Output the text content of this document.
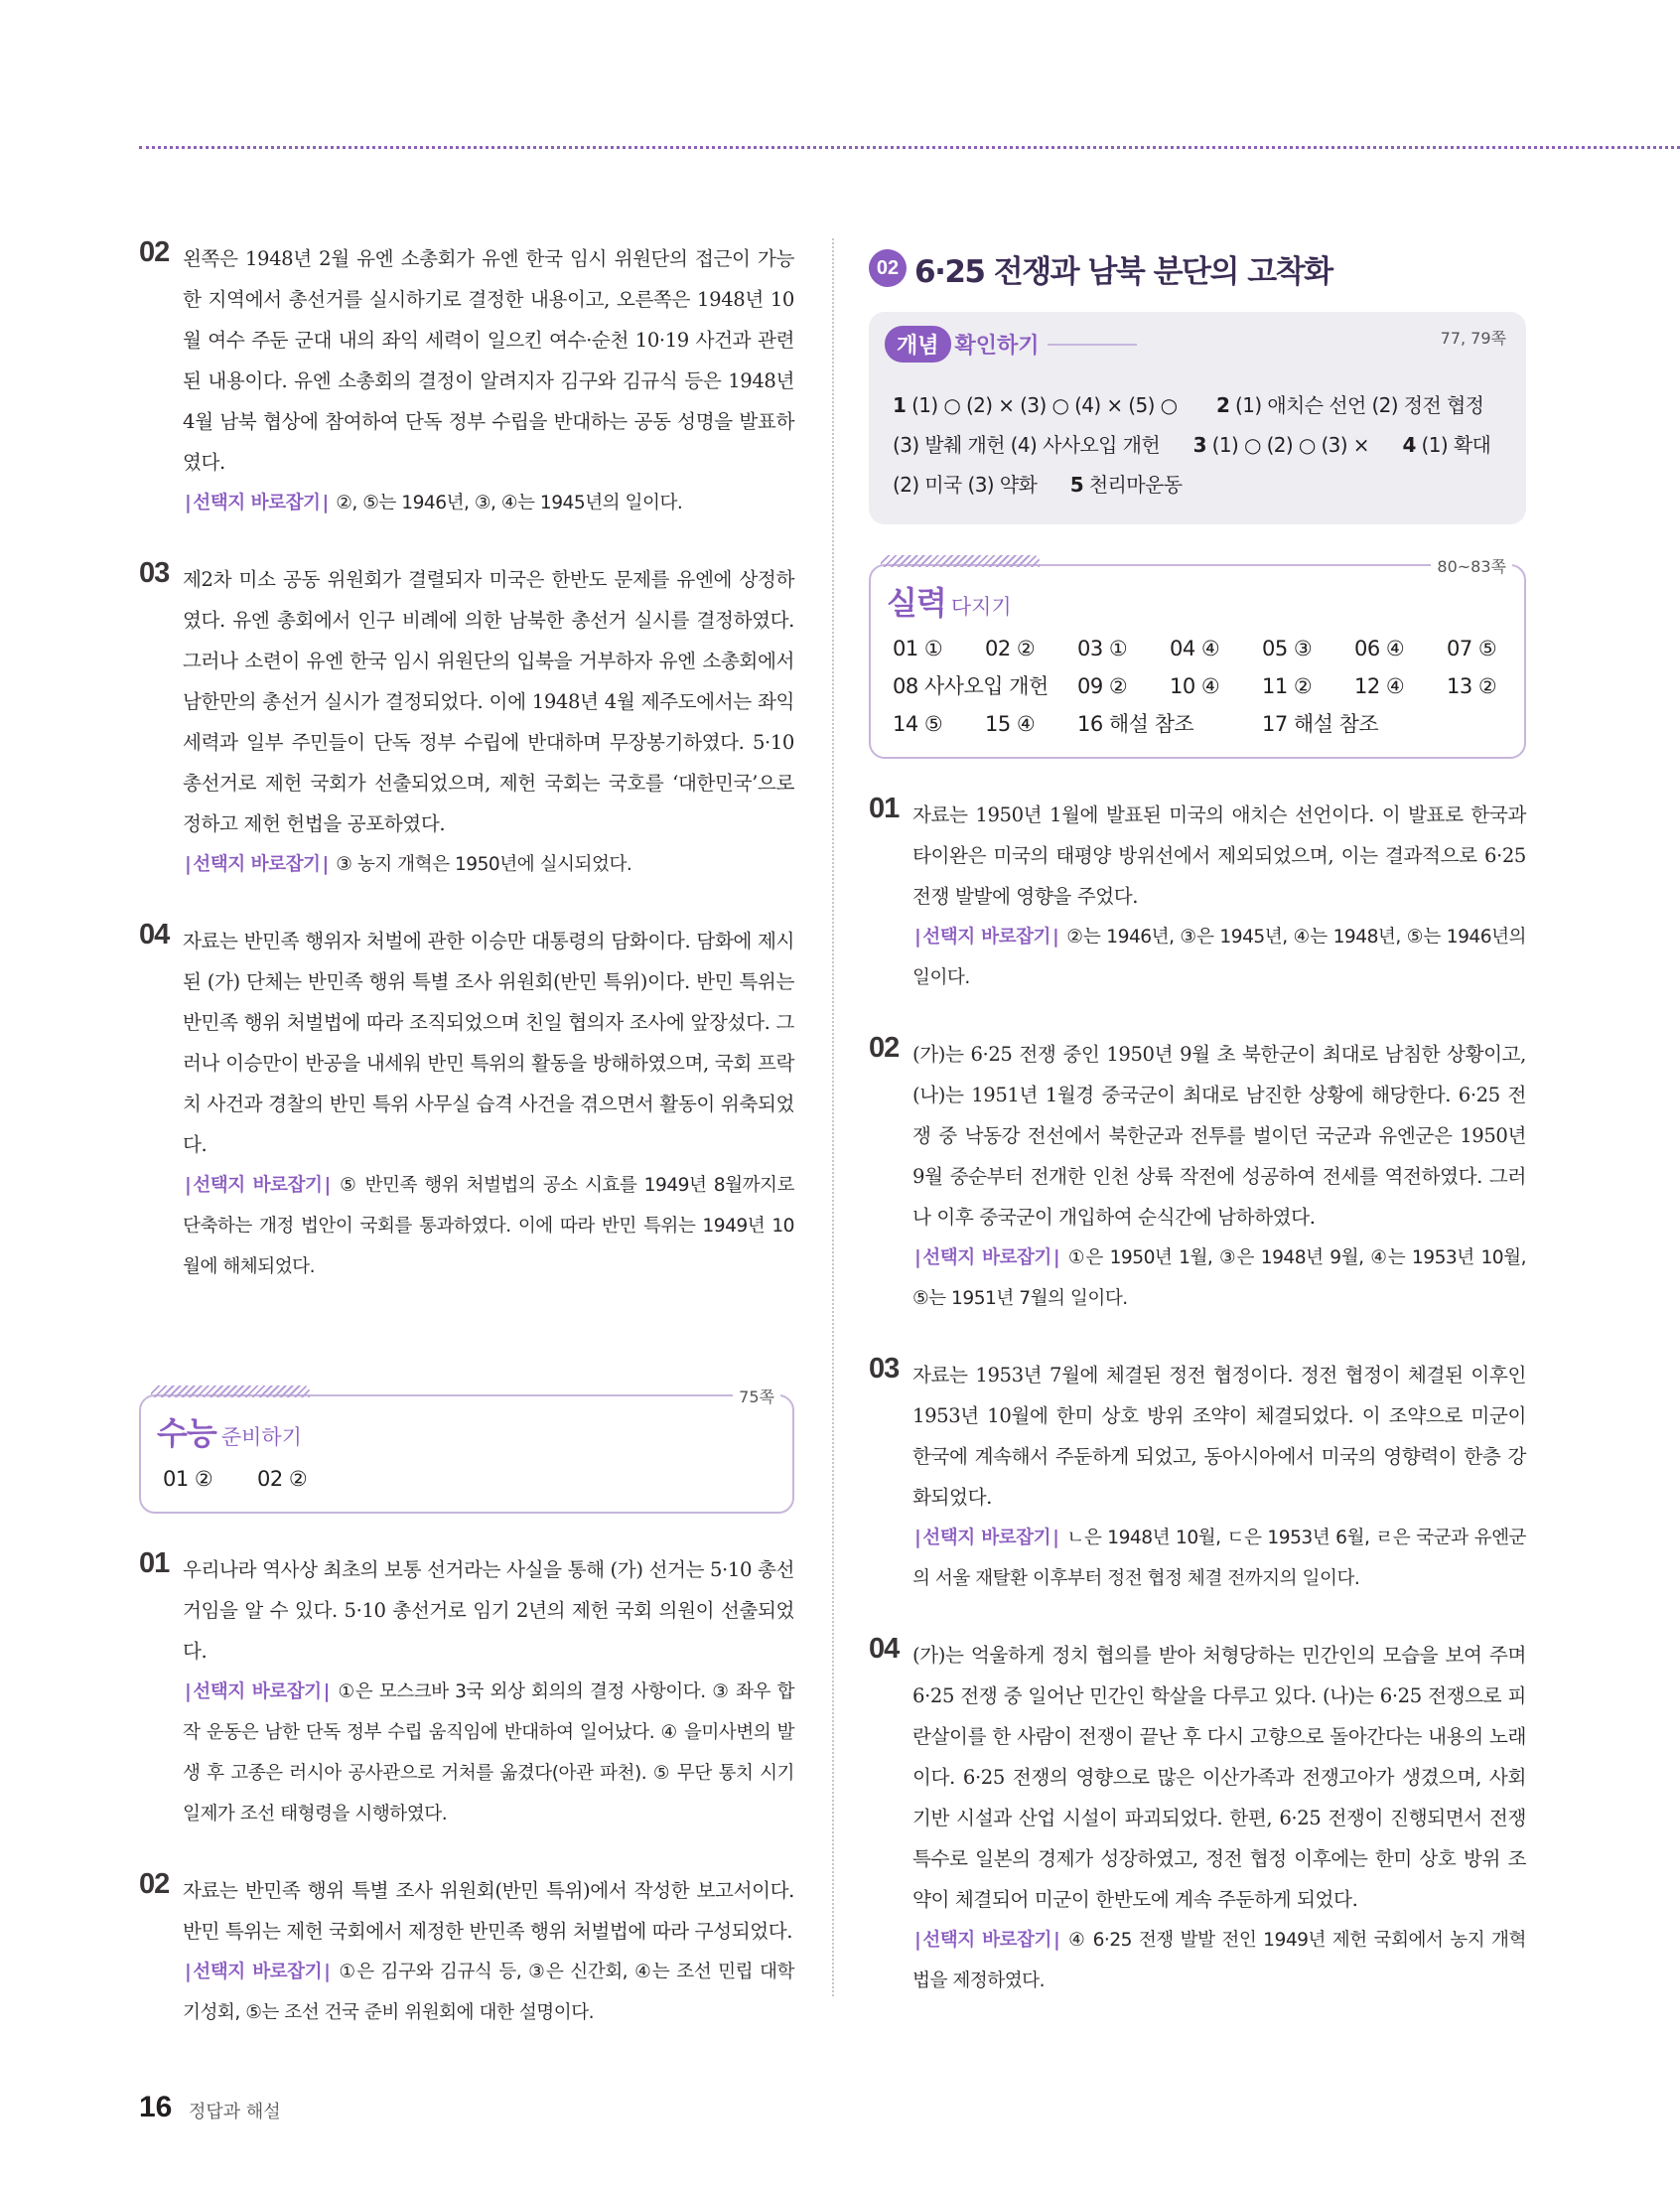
02 왼쪽은 1948년 2월 유엔 소총회가 유엔 한국 임시 위원단의 접근이 가능한 지역에서 총선거를 실시하기로 결정한 내용이고, 오른쪽은 1948년 10월 여수 주둔 군대 내의 좌익 세력이 일으킨 여수·순천 10·19 사건과 관련된 내용이다. 유엔 소총회의 결정이 알려지자 김구와 김규식 등은 1948년 4월 남북 협상에 참여하여 단독 정부 수립을 반대하는 공동 성명을 발표하였다.
| 선택지 바로잡기 | ②, ⑤는 1946년, ③, ④는 1945년의 일이다.
03 제2차 미소 공동 위원회가 결렬되자 미국은 한반도 문제를 유엔에 상정하였다. 유엔 총회에서 인구 비례에 의한 남북한 총선거 실시를 결정하였다. 그러나 소련이 유엔 한국 임시 위원단의 입북을 거부하자 유엔 소총회에서 남한만의 총선거 실시가 결정되었다. 이에 1948년 4월 제주도에서는 좌익 세력과 일부 주민들이 단독 정부 수립에 반대하며 무장봉기하였다. 5·10 총선거로 제헌 국회가 선출되었으며, 제헌 국회는 국호를 ‘대한민국’으로 정하고 제헌 헌법을 공포하였다.
| 선택지 바로잡기 | ③ 농지 개혁은 1950년에 실시되었다.
04 자료는 반민족 행위자 처벌에 관한 이승만 대통령의 담화이다. 담화에 제시된 (가) 단체는 반민족 행위 특별 조사 위원회(반민 특위)이다. 반민 특위는 반민족 행위 처벌법에 따라 조직되었으며 친일 협의자 조사에 앞장섰다. 그러나 이승만이 반공을 내세워 반민 특위의 활동을 방해하였으며, 국회 프락치 사건과 경찰의 반민 특위 사무실 습격 사건을 겪으면서 활동이 위축되었다.
| 선택지 바로잡기 | ⑤ 반민족 행위 처벌법의 공소 시효를 1949년 8월까지로 단축하는 개정 법안이 국회를 통과하였다. 이에 따라 반민 특위는 1949년 10월에 해체되었다.
수능 준비하기
75쪽
01 ②	02 ②
01 우리나라 역사상 최초의 보통 선거라는 사실을 통해 (가) 선거는 5·10 총선거임을 알 수 있다. 5·10 총선거로 임기 2년의 제헌 국회 의원이 선출되었다.
| 선택지 바로잡기 | ①은 모스크바 3국 외상 회의의 결정 사항이다. ③ 좌우 합작 운동은 남한 단독 정부 수립 움직임에 반대하여 일어났다. ④ 을미사변의 발생 후 고종은 러시아 공사관으로 거처를 옮겼다(아관 파천). ⑤ 무단 통치 시기 일제가 조선 태형령을 시행하였다.
02 자료는 반민족 행위 특별 조사 위원회(반민 특위)에서 작성한 보고서이다. 반민 특위는 제헌 국회에서 제정한 반민족 행위 처벌법에 따라 구성되었다.
| 선택지 바로잡기 | ①은 김구와 김규식 등, ③은 신간회, ④는 조선 민립 대학 기성회, ⑤는 조선 건국 준비 위원회에 대한 설명이다.
02 6·25 전쟁과 남북 분단의 고착화
개념 확인하기	77, 79쪽
1 (1) ○ (2) × (3) ○ (4) × (5) ○ 2 (1) 애치슨 선언 (2) 정전 협정
(3) 발췌 개헌 (4) 사사오입 개헌 3 (1) ○ (2) ○ (3) × 4 (1) 확대
(2) 미국 (3) 약화 5 천리마운동
실력 다지기
80~83쪽
01 ①	02 ②	03 ①	04 ④	05 ③	06 ④	07 ⑤
08 사사오입 개헌	09 ②	10 ④	11 ②	12 ④	13 ②
14 ⑤	15 ④	16 해설 참조	17 해설 참조
01 자료는 1950년 1월에 발표된 미국의 애치슨 선언이다. 이 발표로 한국과 타이완은 미국의 태평양 방위선에서 제외되었으며, 이는 결과적으로 6·25 전쟁 발발에 영향을 주었다.
| 선택지 바로잡기 | ②는 1946년, ③은 1945년, ④는 1948년, ⑤는 1946년의 일이다.
02 (가)는 6·25 전쟁 중인 1950년 9월 초 북한군이 최대로 남침한 상황이고, (나)는 1951년 1월경 중국군이 최대로 남진한 상황에 해당한다. 6·25 전쟁 중 낙동강 전선에서 북한군과 전투를 벌이던 국군과 유엔군은 1950년 9월 중순부터 전개한 인천 상륙 작전에 성공하여 전세를 역전하였다. 그러나 이후 중국군이 개입하여 순식간에 남하하였다.
| 선택지 바로잡기 | ①은 1950년 1월, ③은 1948년 9월, ④는 1953년 10월, ⑤는 1951년 7월의 일이다.
03 자료는 1953년 7월에 체결된 정전 협정이다. 정전 협정이 체결된 이후인 1953년 10월에 한미 상호 방위 조약이 체결되었다. 이 조약으로 미군이 한국에 계속해서 주둔하게 되었고, 동아시아에서 미국의 영향력이 한층 강화되었다.
| 선택지 바로잡기 | ㄴ은 1948년 10월, ㄷ은 1953년 6월, ㄹ은 국군과 유엔군의 서울 재탈환 이후부터 정전 협정 체결 전까지의 일이다.
04 (가)는 억울하게 정치 협의를 받아 처형당하는 민간인의 모습을 보여 주며 6·25 전쟁 중 일어난 민간인 학살을 다루고 있다. (나)는 6·25 전쟁으로 피란살이를 한 사람이 전쟁이 끝난 후 다시 고향으로 돌아간다는 내용의 노래이다. 6·25 전쟁의 영향으로 많은 이산가족과 전쟁고아가 생겼으며, 사회 기반 시설과 산업 시설이 파괴되었다. 한편, 6·25 전쟁이 진행되면서 전쟁 특수로 일본의 경제가 성장하였고, 정전 협정 이후에는 한미 상호 방위 조약이 체결되어 미군이 한반도에 계속 주둔하게 되었다.
| 선택지 바로잡기 | ④ 6·25 전쟁 발발 전인 1949년 제헌 국회에서 농지 개혁법을 제정하였다.
16 정답과 해설
